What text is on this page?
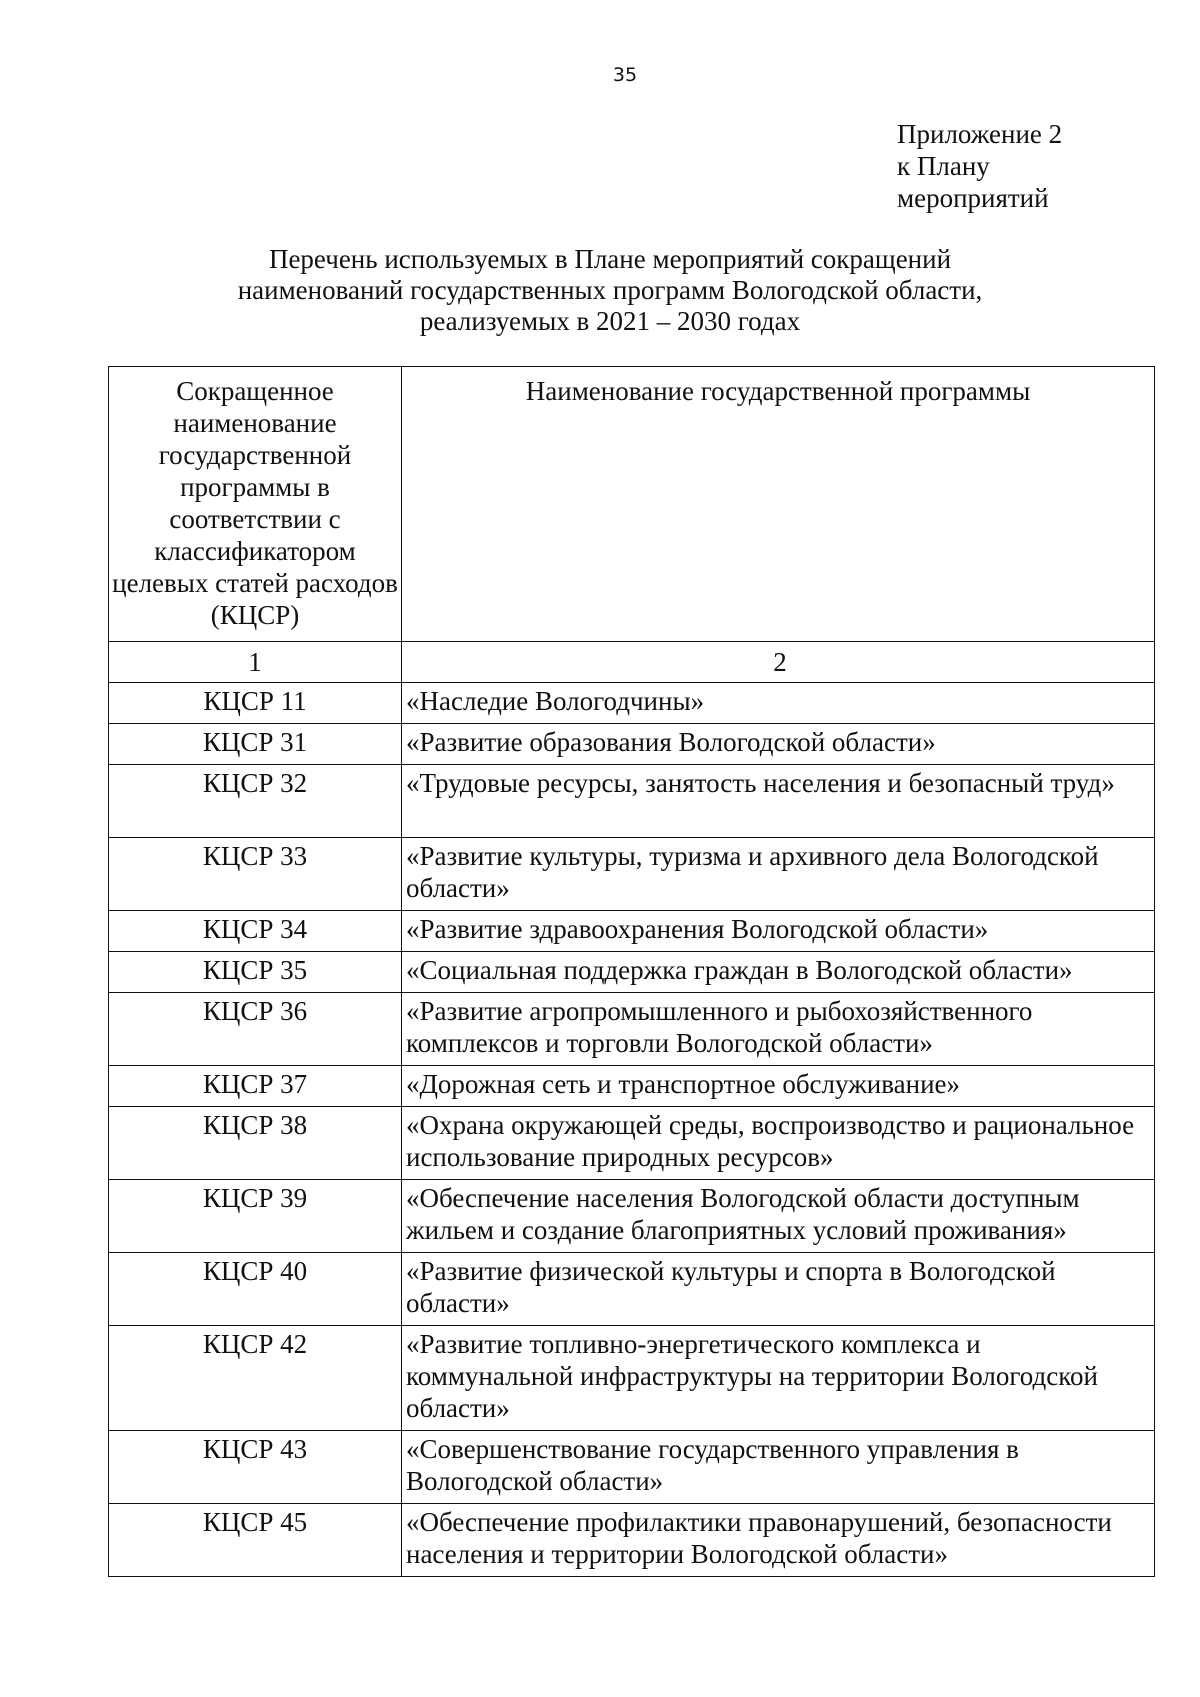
35
Приложение 2
к Плану
мероприятий
Перечень используемых в Плане мероприятий сокращений
наименований государственных программ Вологодской области,
реализуемых в 2021 – 2030 годах
Сокращенное наименование государственной программы в соответствии с классификатором целевых статей расходов (КЦСР)	Наименование государственной программы
1	2
КЦСР 11	«Наследие Вологодчины»
КЦСР 31	«Развитие образования Вологодской области»
КЦСР 32	«Трудовые ресурсы, занятость населения и безопасный труд»
КЦСР 33	«Развитие культуры, туризма и архивного дела Вологодской области»
КЦСР 34	«Развитие здравоохранения Вологодской области»
КЦСР 35	«Социальная поддержка граждан в Вологодской области»
КЦСР 36	«Развитие агропромышленного и рыбохозяйственного комплексов и торговли Вологодской области»
КЦСР 37	«Дорожная сеть и транспортное обслуживание»
КЦСР 38	«Охрана окружающей среды, воспроизводство и рациональное использование природных ресурсов»
КЦСР 39	«Обеспечение населения Вологодской области доступным жильем и создание благоприятных условий проживания»
КЦСР 40	«Развитие физической культуры и спорта в Вологодской области»
КЦСР 42	«Развитие топливно-энергетического комплекса и коммунальной инфраструктуры на территории Вологодской области»
КЦСР 43	«Совершенствование государственного управления в Вологодской области»
КЦСР 45	«Обеспечение профилактики правонарушений, безопасности населения и территории Вологодской области»
